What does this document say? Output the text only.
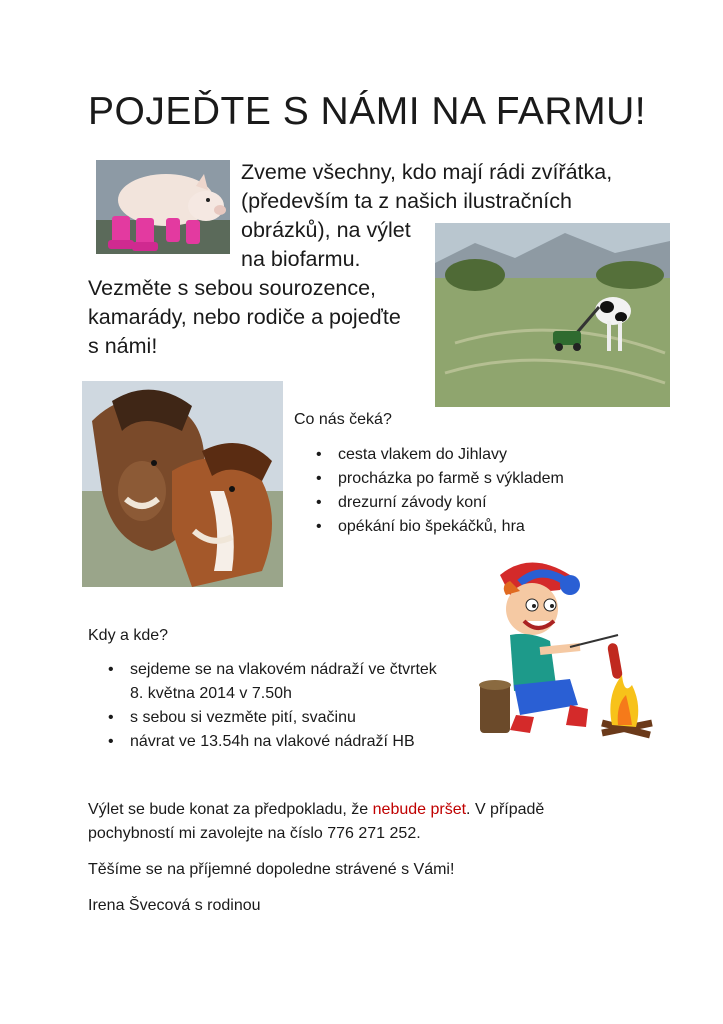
POJEĎTE S NÁMI NA FARMU!
Zveme všechny, kdo mají rádi zvířátka,
(především ta z našich ilustračních
obrázků), na výlet
na biofarmu.
Vezměte s sebou sourozence,
kamarády, nebo rodiče a pojeďte
s námi!
Co nás čeká?
• cesta vlakem do Jihlavy
• procházka po farmě s výkladem
• drezurní závody koní
• opékání bio špekáčků, hra
Kdy a kde?
• sejdeme se na vlakovém nádraží ve čtvrtek
8. května 2014 v 7.50h
• s sebou si vezměte pití, svačinu
• návrat ve 13.54h na vlakové nádraží HB
Výlet se bude konat za předpokladu, že nebude pršet. V případě
pochybností mi zavolejte na číslo 776 271 252.
Těšíme se na příjemné dopoledne strávené s Vámi!
Irena Švecová s rodinou
